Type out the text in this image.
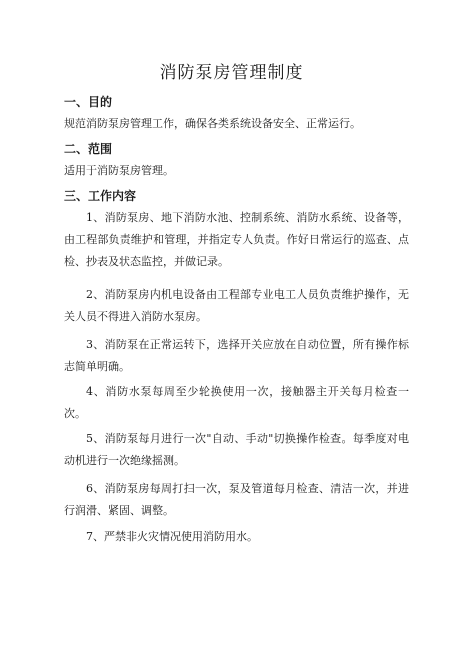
消防泵房管理制度
一、目的
规范消防泵房管理工作，确保各类系统设备安全、正常运行。
二、范围
适用于消防泵房管理。
三、工作内容
1、消防泵房、地下消防水池、控制系统、消防水系统、设备等，由工程部负责维护和管理，并指定专人负责。作好日常运行的巡查、点检、抄表及状态监控，并做记录。
2、消防泵房内机电设备由工程部专业电工人员负责维护操作，无关人员不得进入消防水泵房。
3、消防泵在正常运转下，选择开关应放在自动位置，所有操作标志简单明确。
4、消防水泵每周至少轮换使用一次，接触器主开关每月检查一次。
5、消防泵每月进行一次"自动、手动"切换操作检查。每季度对电动机进行一次绝缘摇测。
6、消防泵房每周打扫一次，泵及管道每月检查、清洁一次，并进行润滑、紧固、调整。
7、严禁非火灾情况使用消防用水。
